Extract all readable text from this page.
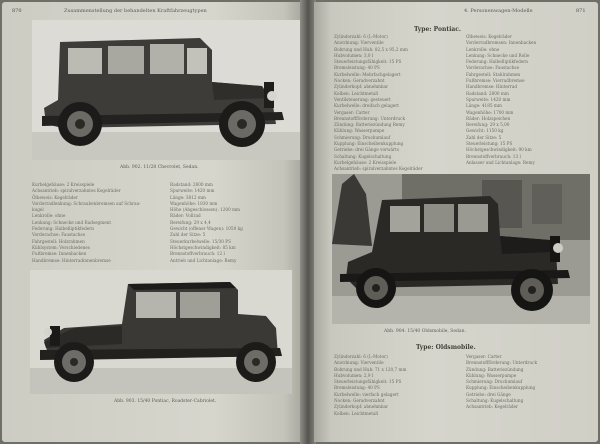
870	Zusammenstellung der behandelten Kraftfahrzeugtypen
Abb. 902. 11/28 Chevrolet, Sedan.
Kurbelgehäuse: 2 Kreisspiele
Achsantrieb: spiralverzahntes Kegelräder
Ölbeweis: Kegelräder
Vorderradlenkung: Schraubenbremsen auf Schrau-
kugel
Lenkrolle: ohne
Lenkung: Schnecke und Radsegment
Federung: Halbelliptikfedern
Vorderachse: Faustachse
Fahrgestell: Holzrahmen
Kühlsystem: Verschiedenes
Fußbremse: Innenbacken
Handbremse: Hinterradinnenbremse
Radstand: 2800 mm
Spurweite: 1420 mm
Länge: 3812 mm
Wagenhöhe: 1830 mm
Höhe (Abgeschlossen): 1200 mm
Räder: Vollrad
Bereifung: 29 x 4,4
Gewicht (offener Wagen): 1050 kg
Zahl der Sitze: 5
Steuerkurbelwelle: 15/30 PS
Höchstgeschwindigkeit: 85 km
Brennstoffverbrauch: 12 l
Antrieb und Lichtanlage: Remy
Abb. 903. 15/40 Pontiac, Roadster-Cabriolet.
4. Personenwagen-Modelle	871
Type: Pontiac.
Zylinderzahl: 6 (L-Motor)
Anordnung: Vierventile
Bohrung und Hub: 82,5 x 95,2 mm
Hubvolumen: 3,0 l
Steuerleistungsfähigkeit: 15 PS
Bremsleistung: 40 PS
Kurbelwelle: Mehrfachgelagert
Nocken: Geradverzahnt
Zylinderkopf: abnehmbar
Kolben: Leichtmetall
Ventilsteuerung: gesteuert
Kurbelwelle: dreifach gelagert
Vergaser: Carter
Brennstoffförderung: Unterdruck
Zündung: Batteriezündung Remy
Kühlung: Wasserpumpe
Schmierung: Druckumlauf
Kupplung: Einscheibenkupplung
Getriebe: drei Gänge vorwärts
Schaltung: Kugelschaltung
Kurbelgehäuse: 2 Kreisspiele
Achsantrieb: spiralverzahntes Kegelräder
Ölbeweis: Kegelräder
Vorderradbremsen: Innenbacken
Lenkrolle: ohne
Lenkung: Schnecke und Rolle
Federung: Halbelliptikfedern
Vorderachse: Faustachse
Fahrgestell: Stahlrahmen
Fußbremse: Vierradbremse
Handbremse: Hinterrad
Radstand: 2800 mm
Spurweite: 1420 mm
Länge: 4185 mm
Wagenhöhe: 1700 mm
Räder: Holzspeichen
Bereifung: 29 x 5,00
Gewicht: 1150 kg
Zahl der Sitze: 5
Steuerleistung: 15 PS
Höchstgeschwindigkeit: 90 km
Brennstoffverbrauch: 13 l
Anlasser und Lichtanlage: Remy
Abb. 904. 15/40 Oldsmobile, Sedan.
Type: Oldsmobile.
Zylinderzahl: 6 (L-Motor)
Anordnung: Vierventile
Bohrung und Hub: 71 x 120,7 mm
Hubvolumen: 2,9 l
Steuerleistungsfähigkeit: 15 PS
Bremsleistung: 40 PS
Kurbelwelle: vierfach gelagert
Nocken: Geradverzahnt
Zylinderkopf: abnehmbar
Kolben: Leichtmetall
Vergaser: Carter
Brennstoffförderung: Unterdruck
Zündung: Batteriezündung
Kühlung: Wasserpumpe
Schmierung: Druckumlauf
Kupplung: Einscheibenkupplung
Getriebe: drei Gänge
Schaltung: Kugelschaltung
Achsantrieb: Kegelräder
